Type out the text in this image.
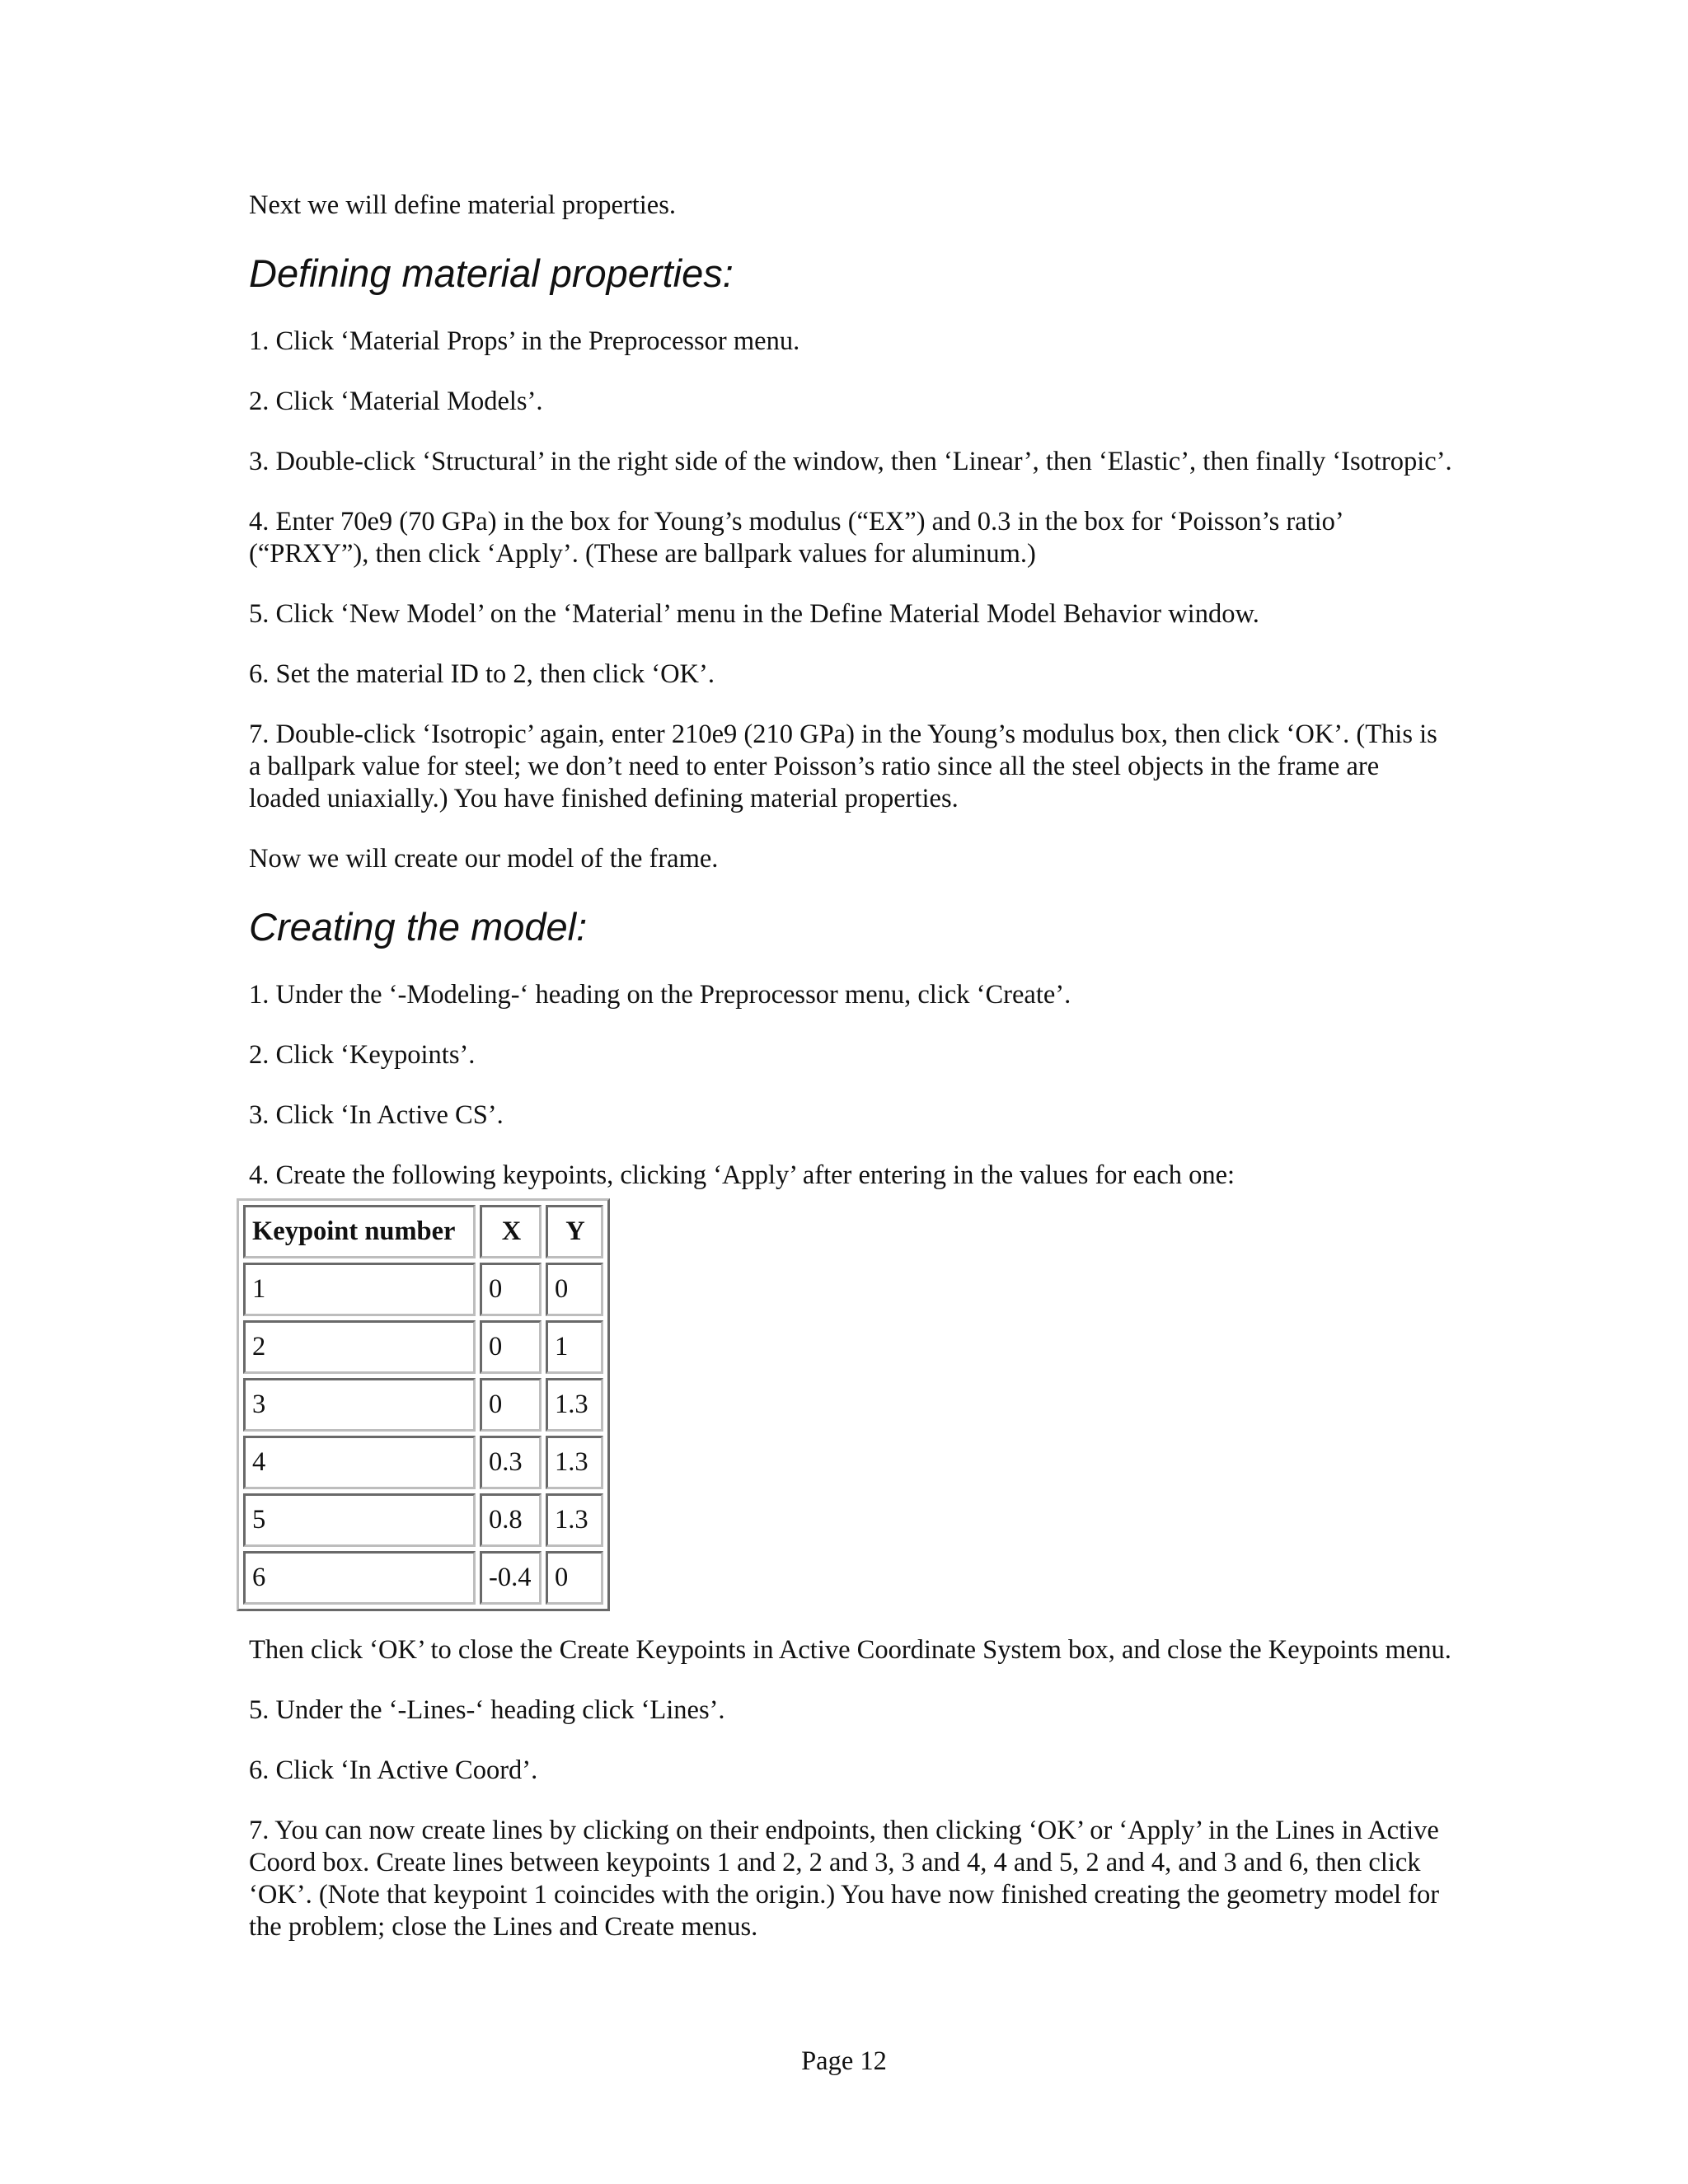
Next we will define material properties.

Defining material properties:

1. Click ‘Material Props’ in the Preprocessor menu.

2. Click ‘Material Models’.

3. Double-click ‘Structural’ in the right side of the window, then ‘Linear’, then ‘Elastic’, then finally ‘Isotropic’.

4. Enter 70e9 (70 GPa) in the box for Young’s modulus (“EX”) and 0.3 in the box for ‘Poisson’s ratio’ (“PRXY”), then click ‘Apply’. (These are ballpark values for aluminum.)

5. Click ‘New Model’ on the ‘Material’ menu in the Define Material Model Behavior window.

6. Set the material ID to 2, then click ‘OK’.

7. Double-click ‘Isotropic’ again, enter 210e9 (210 GPa) in the Young’s modulus box, then click ‘OK’. (This is a ballpark value for steel; we don’t need to enter Poisson’s ratio since all the steel objects in the frame are loaded uniaxially.) You have finished defining material properties.

Now we will create our model of the frame.

Creating the model:

1. Under the ‘-Modeling-‘ heading on the Preprocessor menu, click ‘Create’.

2. Click ‘Keypoints’.

3. Click ‘In Active CS’.

4. Create the following keypoints, clicking ‘Apply’ after entering in the values for each one:

Keypoint number	X	Y
1	0	0
2	0	1
3	0	1.3
4	0.3	1.3
5	0.8	1.3
6	-0.4	0

Then click ‘OK’ to close the Create Keypoints in Active Coordinate System box, and close the Keypoints menu.

5. Under the ‘-Lines-‘ heading click ‘Lines’.

6. Click ‘In Active Coord’.

7. You can now create lines by clicking on their endpoints, then clicking ‘OK’ or ‘Apply’ in the Lines in Active Coord box. Create lines between keypoints 1 and 2, 2 and 3, 3 and 4, 4 and 5, 2 and 4, and 3 and 6, then click ‘OK’. (Note that keypoint 1 coincides with the origin.) You have now finished creating the geometry model for the problem; close the Lines and Create menus.

Page 12
